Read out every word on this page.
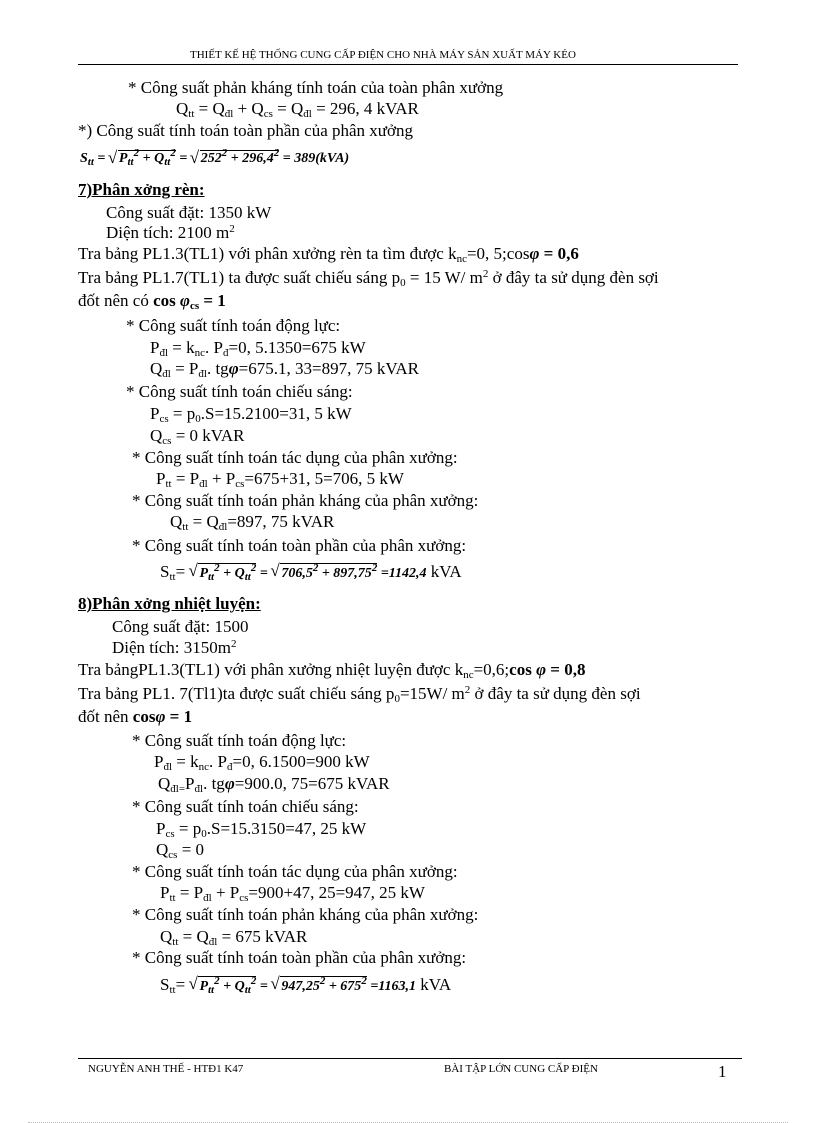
THIẾT KẾ HỆ THỐNG CUNG CẤP ĐIỆN CHO NHÀ MÁY SẢN XUẤT MÁY KÉO
* Công suất phản kháng tính toán của toàn phân xưởng
$Q_{tt} = Q_{đl} + Q_{cs} = Q_{đl} = 296$, 4 kVAR
*) Công suất tính toán toàn phần của phân xưởng
$S_{tt}$ = √ $P_{tt}^2 + Q_{tt}^2$ = √ $252^2 + 296,4^2 = 389(kVA)$
7)Phân xởng rèn:
Công suất đặt: 1350 kW
Diện tích: 2100 $m^2$
Tra bảng PL1.3(TL1) với phân xưởng rèn ta tìm được $k_{nc}=0$, 5;cosφ = 0,6
Tra bảng PL1.7(TL1) ta được suất chiếu sáng $p_0 = 15$ W/ $m^2$ ở đây ta sử dụng đèn sợi
đốt nên có $\cos \varphi_{cs} = 1$
* Công suất tính toán động lực:
$P_{đl} = k_{nc}$. $P_đ=0$, 5.1350=675 kW
$Q_{đl} = P_{đl}$. tgφ=675.1, 33=897, 75 kVAR
* Công suất tính toán chiếu sáng:
$P_{cs} = p_0.S=15.2100=31$, 5 kW
$Q_{cs} = 0$ kVAR
* Công suất tính toán tác dụng của phân xưởng:
$P_{tt} = P_{đl} + P_{cs}=675+31$, 5=706, 5 kW
* Công suất tính toán phản kháng của phân xưởng:
$Q_{tt} = Q_{đl}=897$, 75 kVAR
* Công suất tính toán toàn phần của phân xưởng:
$S_{tt}=$ √ $P_{tt}^2 + Q_{tt}^2$ = √ $706,5^2 + 897,75^2 =1142,4$ kVA
8)Phân xởng nhiệt luyện:
Công suất đặt: 1500
Diện tích: $3150m^2$
Tra bảngPL1.3(TL1) với phân xưởng nhiệt luyện được $k_{nc}=0,6;\cos$ φ = 0,8
Tra bảng PL1. 7(Tl1)ta được suất chiếu sáng $p_0=15W/$ $m^2$ ở đây ta sử dụng đèn sợi
đốt nên cosφ = 1
* Công suất tính toán động lực:
$P_{đl} = k_{nc}$. $P_đ=0$, 6.1500=900 kW
$Q_{đl=}P_{đl}$. tgφ=900.0, 75=675 kVAR
* Công suất tính toán chiếu sáng:
$P_{cs} = p_0.S=15.3150=47$, 25 kW
$Q_{cs} = 0$
* Công suất tính toán tác dụng của phân xưởng:
$P_{tt} = P_{đl} + P_{cs}=900+47$, 25=947, 25 kW
* Công suất tính toán phản kháng của phân xưởng:
$Q_{tt} = Q_{đl} = 675$ kVAR
* Công suất tính toán toàn phần của phân xưởng:
$S_{tt}=$ √ $P_{tt}^2 + Q_{tt}^2$ = √ $947,25^2 + 675^2 =1163,1$ kVA
NGUYỄN ANH THẾ - HTĐ1 K47	BÀI TẬP LỚN CUNG CẤP ĐIỆN	1
